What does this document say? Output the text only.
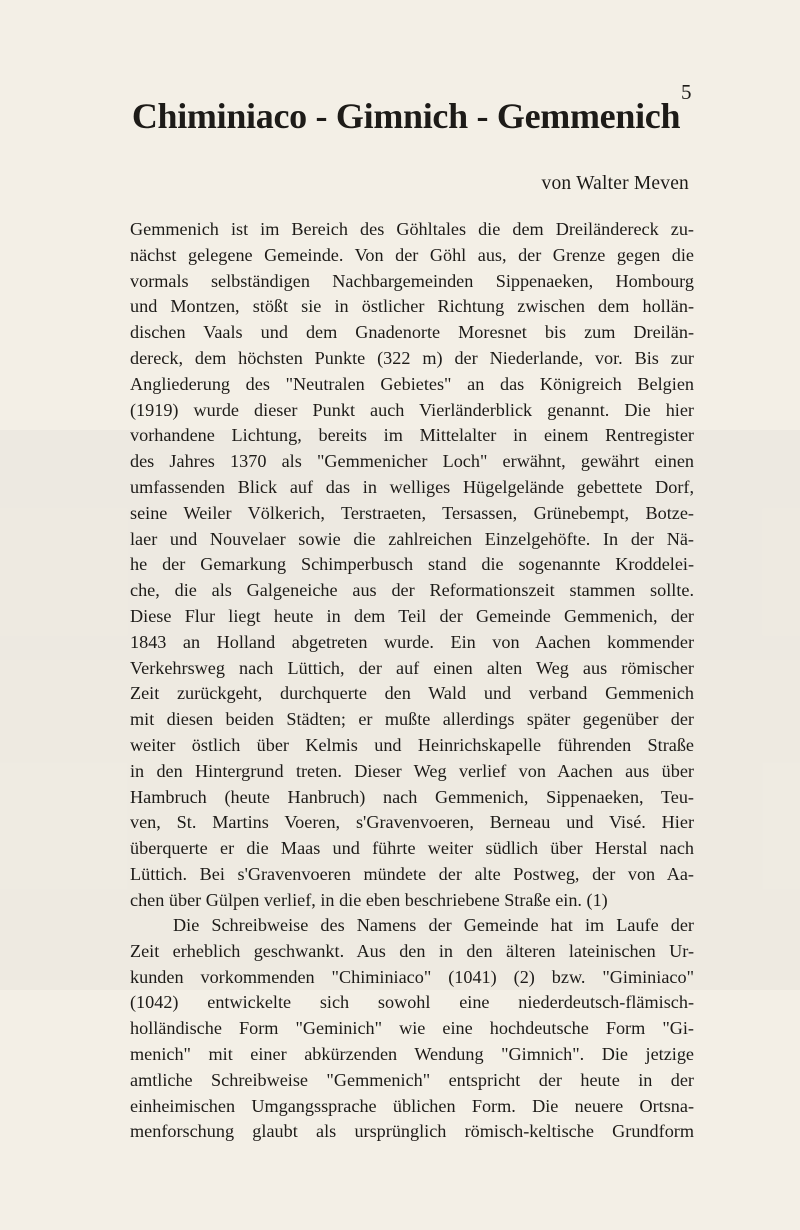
5
Chiminiaco - Gimnich - Gemmenich
von Walter Meven
Gemmenich ist im Bereich des Göhltales die dem Dreiländereck zu-
nächst gelegene Gemeinde. Von der Göhl aus, der Grenze gegen die
vormals selbständigen Nachbargemeinden Sippenaeken, Hombourg
und Montzen, stößt sie in östlicher Richtung zwischen dem hollän-
dischen Vaals und dem Gnadenorte Moresnet bis zum Dreilän-
dereck, dem höchsten Punkte (322 m) der Niederlande, vor. Bis zur
Angliederung des "Neutralen Gebietes" an das Königreich Belgien
(1919) wurde dieser Punkt auch Vierländerblick genannt. Die hier
vorhandene Lichtung, bereits im Mittelalter in einem Rentregister
des Jahres 1370 als "Gemmenicher Loch" erwähnt, gewährt einen
umfassenden Blick auf das in welliges Hügelgelände gebettete Dorf,
seine Weiler Völkerich, Terstraeten, Tersassen, Grünebempt, Botze-
laer und Nouvelaer sowie die zahlreichen Einzelgehöfte. In der Nä-
he der Gemarkung Schimperbusch stand die sogenannte Kroddelei-
che, die als Galgeneiche aus der Reformationszeit stammen sollte.
Diese Flur liegt heute in dem Teil der Gemeinde Gemmenich, der
1843 an Holland abgetreten wurde. Ein von Aachen kommender
Verkehrsweg nach Lüttich, der auf einen alten Weg aus römischer
Zeit zurückgeht, durchquerte den Wald und verband Gemmenich
mit diesen beiden Städten; er mußte allerdings später gegenüber der
weiter östlich über Kelmis und Heinrichskapelle führenden Straße
in den Hintergrund treten. Dieser Weg verlief von Aachen aus über
Hambruch (heute Hanbruch) nach Gemmenich, Sippenaeken, Teu-
ven, St. Martins Voeren, s'Gravenvoeren, Berneau und Visé. Hier
überquerte er die Maas und führte weiter südlich über Herstal nach
Lüttich. Bei s'Gravenvoeren mündete der alte Postweg, der von Aa-
chen über Gülpen verlief, in die eben beschriebene Straße ein. (1)
Die Schreibweise des Namens der Gemeinde hat im Laufe der
Zeit erheblich geschwankt. Aus den in den älteren lateinischen Ur-
kunden vorkommenden "Chiminiaco" (1041) (2) bzw. "Giminiaco"
(1042) entwickelte sich sowohl eine niederdeutsch-flämisch-
holländische Form "Geminich" wie eine hochdeutsche Form "Gi-
menich" mit einer abkürzenden Wendung "Gimnich". Die jetzige
amtliche Schreibweise "Gemmenich" entspricht der heute in der
einheimischen Umgangssprache üblichen Form. Die neuere Ortsna-
menforschung glaubt als ursprünglich römisch-keltische Grundform
